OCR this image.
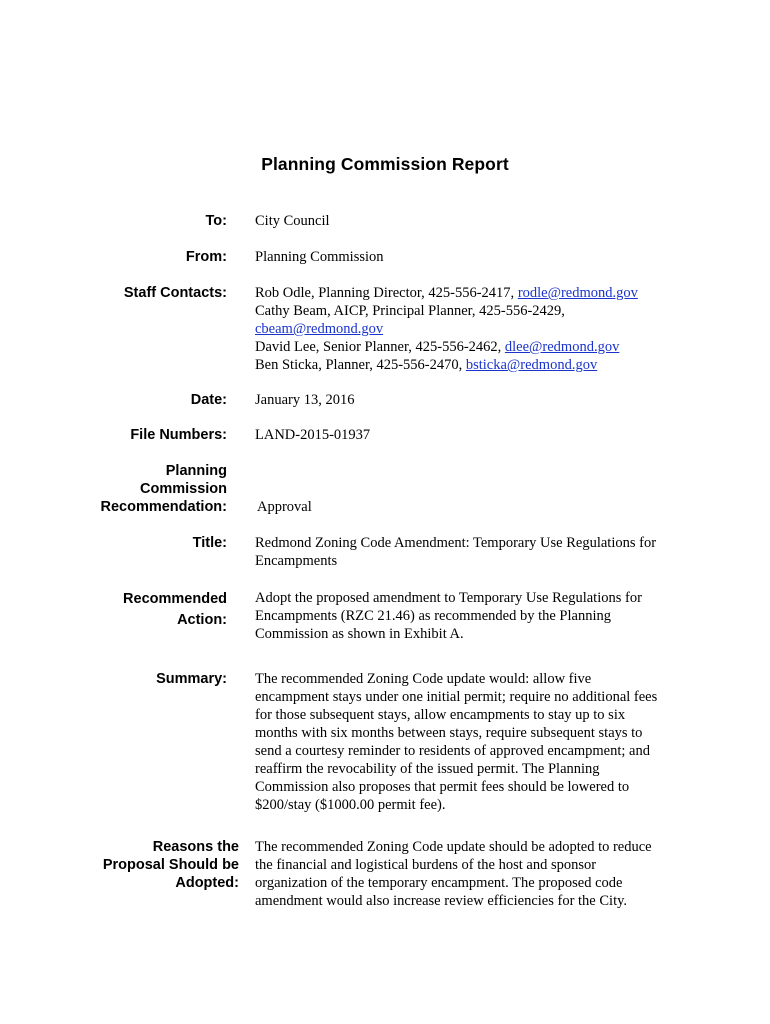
Planning Commission Report
To: City Council
From: Planning Commission
Staff Contacts: Rob Odle, Planning Director, 425-556-2417, rodle@redmond.gov
Cathy Beam, AICP, Principal Planner, 425-556-2429,
cbeam@redmond.gov
David Lee, Senior Planner, 425-556-2462, dlee@redmond.gov
Ben Sticka, Planner, 425-556-2470, bsticka@redmond.gov
Date: January 13, 2016
File Numbers: LAND-2015-01937
Planning
Commission
Recommendation: Approval
Title: Redmond Zoning Code Amendment: Temporary Use Regulations for
Encampments
Recommended
Action:
Adopt the proposed amendment to Temporary Use Regulations for
Encampments (RZC 21.46) as recommended by the Planning
Commission as shown in Exhibit A.
Summary: The recommended Zoning Code update would: allow five
encampment stays under one initial permit; require no additional fees
for those subsequent stays, allow encampments to stay up to six
months with six months between stays, require subsequent stays to
send a courtesy reminder to residents of approved encampment; and
reaffirm the revocability of the issued permit. The Planning
Commission also proposes that permit fees should be lowered to
$200/stay ($1000.00 permit fee).
Reasons the
Proposal Should be
Adopted:
The recommended Zoning Code update should be adopted to reduce
the financial and logistical burdens of the host and sponsor
organization of the temporary encampment. The proposed code
amendment would also increase review efficiencies for the City.
